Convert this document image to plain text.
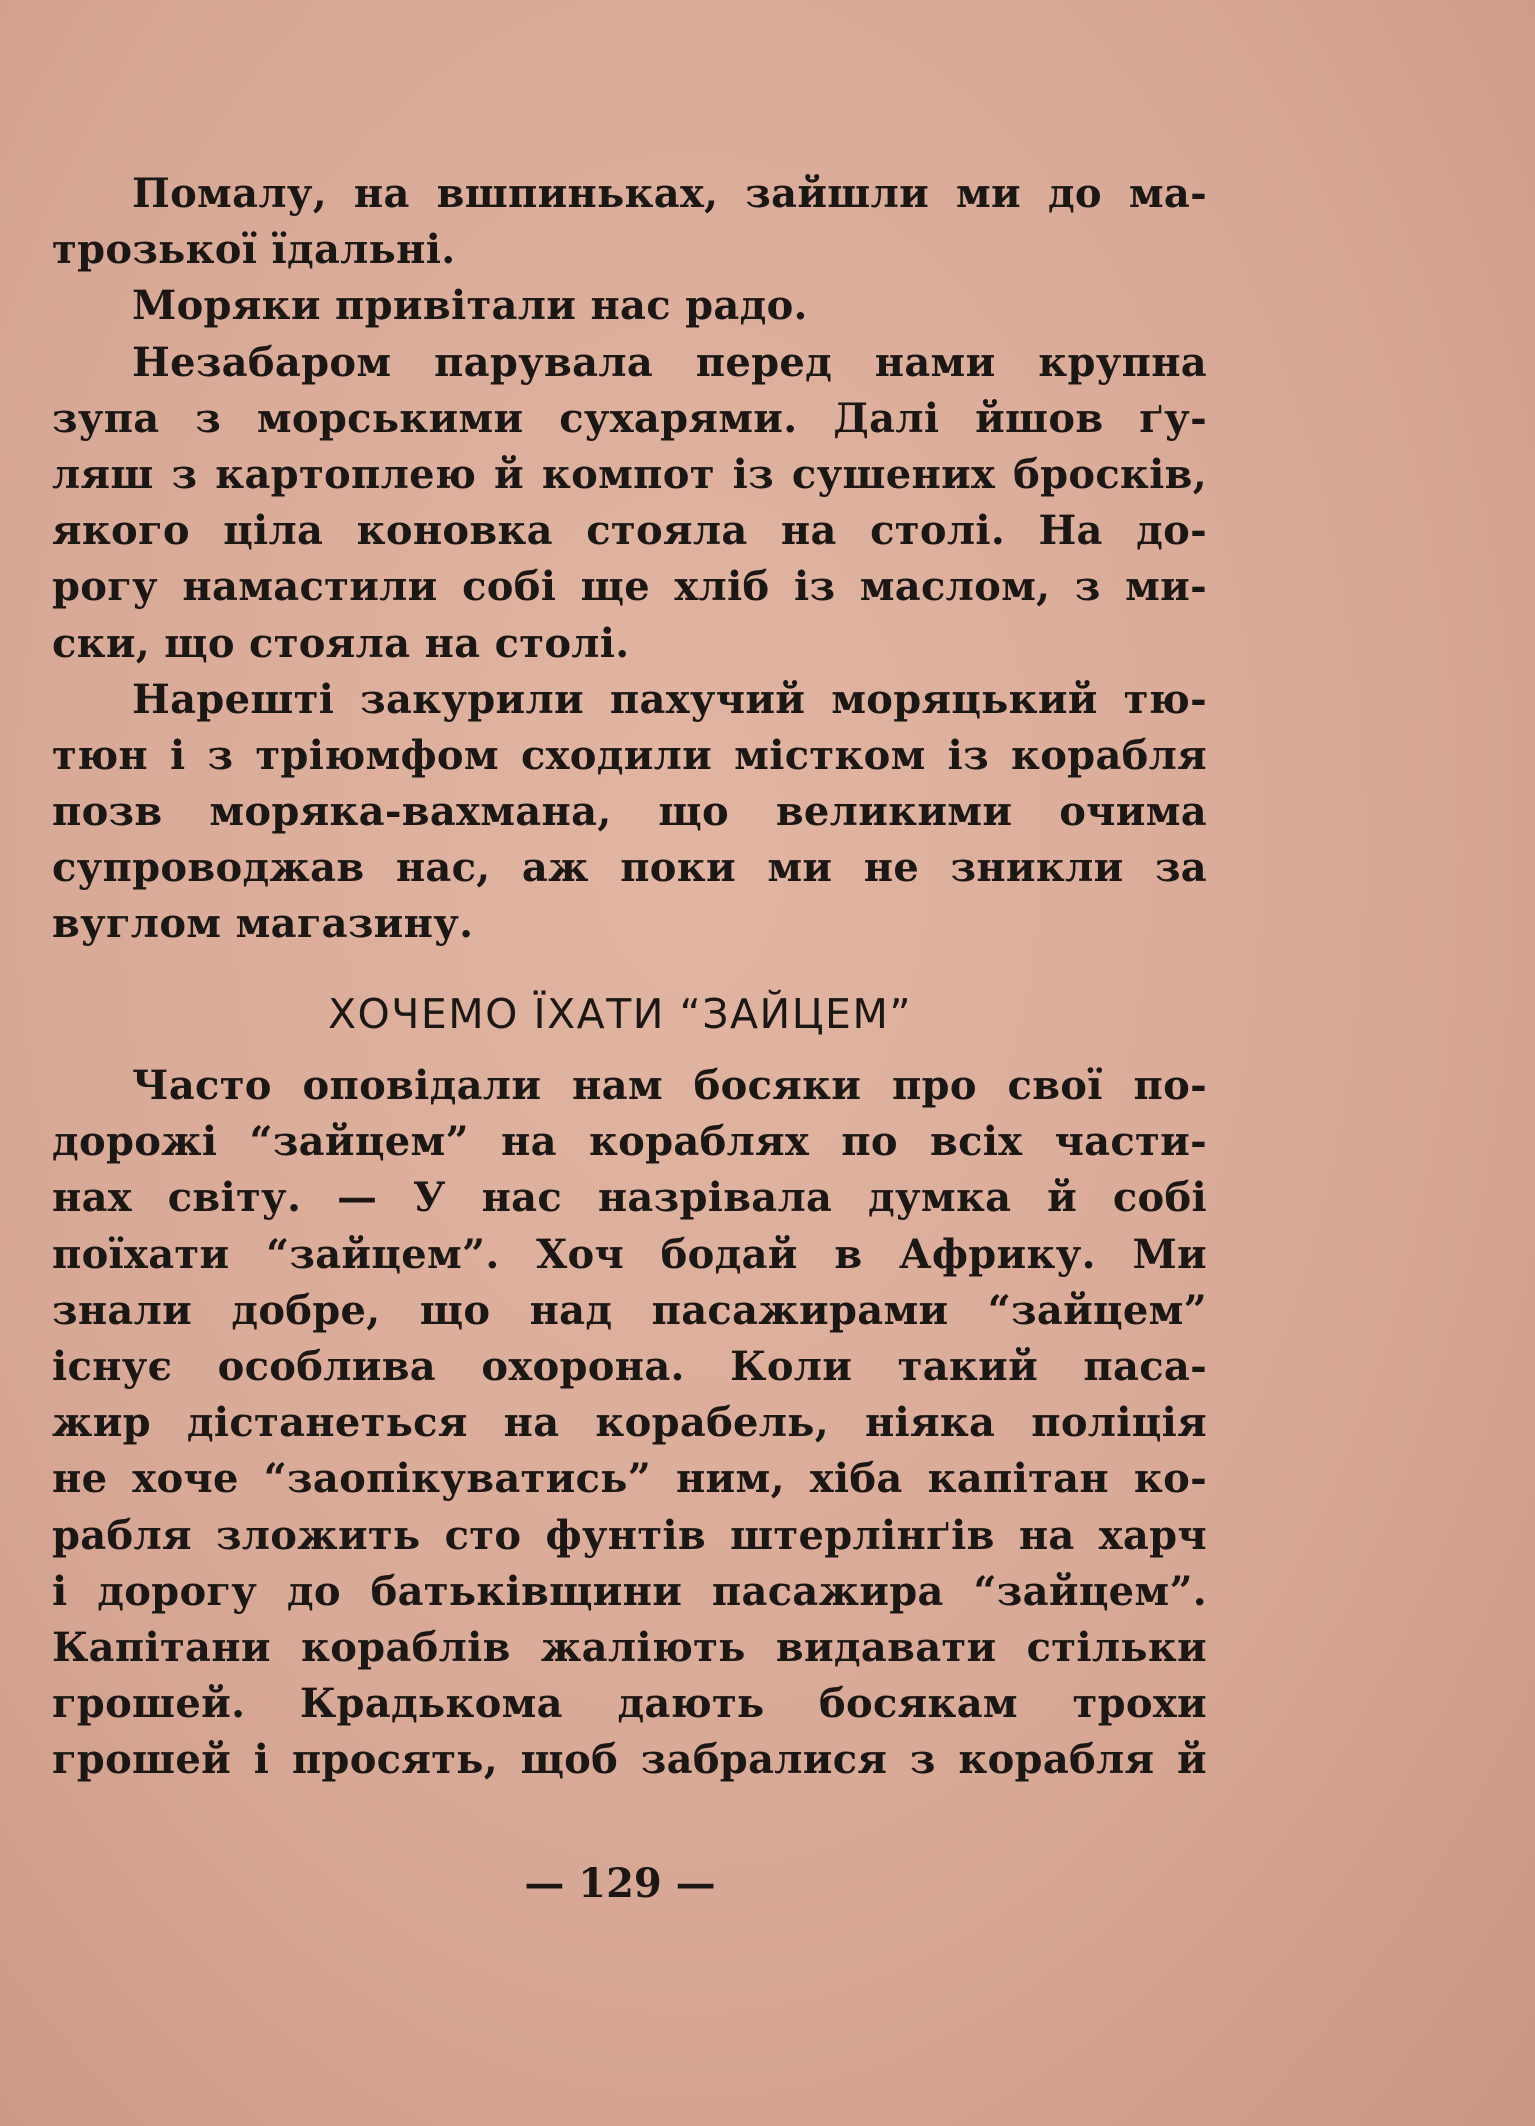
Помалу, на вшпиньках, зайшли ми до ма-
трозької їдальні.
Моряки привітали нас радо.
Незабаром парувала перед нами крупна
зупа з морськими сухарями. Далі йшов ґу-
ляш з картоплею й компот із сушених бросків,
якого ціла коновка стояла на столі. На до-
рогу намастили собі ще хліб із маслом, з ми-
ски, що стояла на столі.
Нарешті закурили пахучий моряцький тю-
тюн і з тріюмфом сходили містком із корабля
позв моряка-вахмана, що великими очима
супроводжав нас, аж поки ми не зникли за
вуглом магазину.
ХОЧЕМО ЇХАТИ “ЗАЙЦЕМ”
Часто оповідали нам босяки про свої по-
дорожі “зайцем” на кораблях по всіх части-
нах світу. — У нас назрівала думка й собі
поїхати “зайцем”. Хоч бодай в Африку. Ми
знали добре, що над пасажирами “зайцем”
існує особлива охорона. Коли такий паса-
жир дістанеться на корабель, ніяка поліція
не хоче “заопікуватись” ним, хіба капітан ко-
рабля зложить сто фунтів штерлінґів на харч
і дорогу до батьківщини пасажира “зайцем”.
Капітани кораблів жаліють видавати стільки
грошей. Крадькома дають босякам трохи
грошей і просять, щоб забралися з корабля й
— 129 —
